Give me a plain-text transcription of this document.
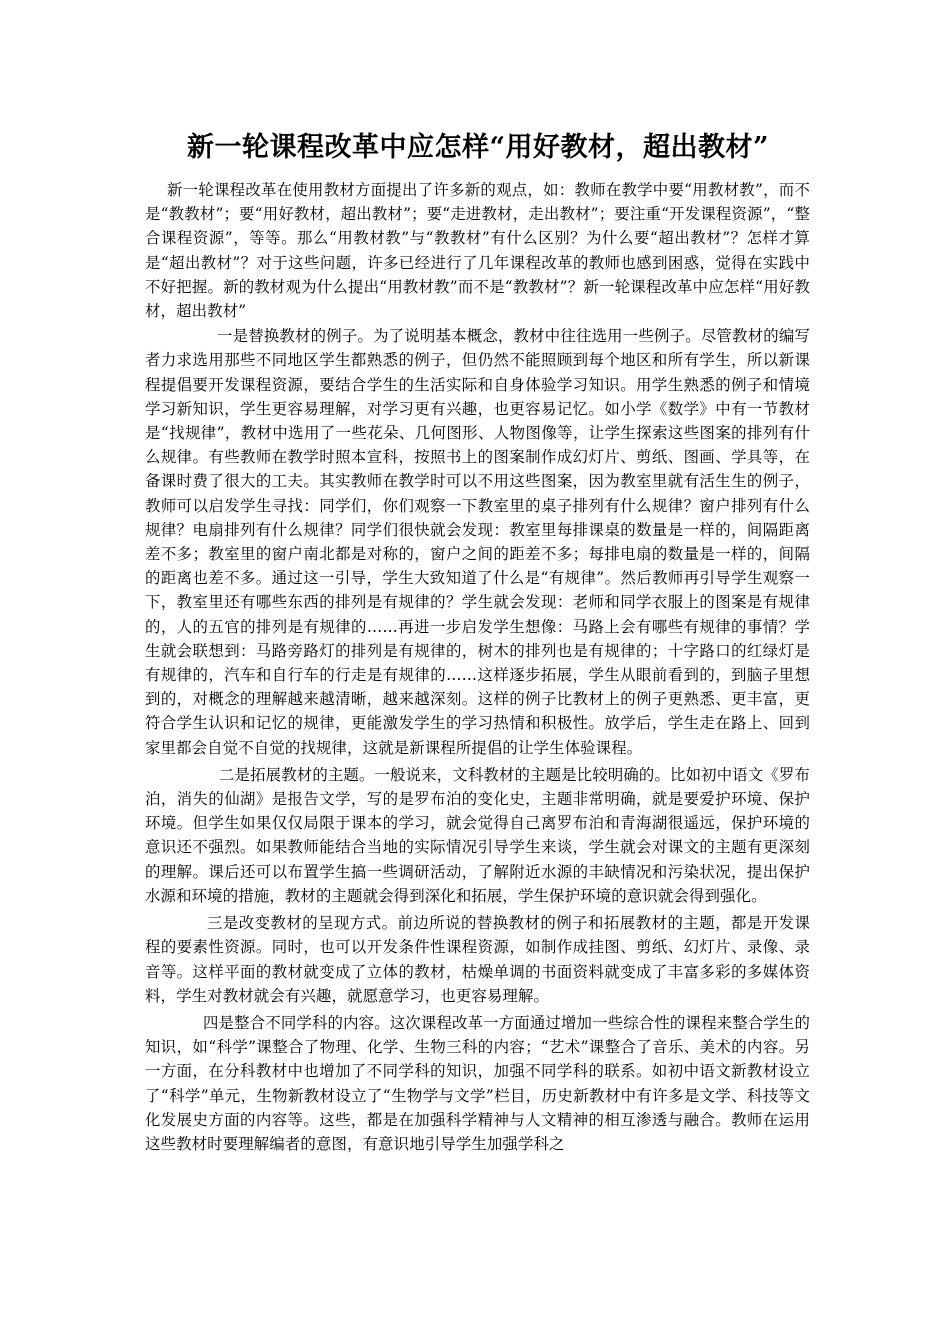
新一轮课程改革中应怎样“用好教材，超出教材”

新一轮课程改革在使用教材方面提出了许多新的观点，如：教师在教学中要“用教材教”，而不是“教教材”；要“用好教材，超出教材”；要“走进教材，走出教材”；要注重“开发课程资源”，“整合课程资源”，等等。那么“用教材教”与“教教材”有什么区别？为什么要“超出教材”？怎样才算是“超出教材”？对于这些问题，许多已经进行了几年课程改革的教师也感到困惑，觉得在实践中不好把握。新的教材观为什么提出“用教材教”而不是“教教材”？新一轮课程改革中应怎样“用好教材，超出教材”

一是替换教材的例子。为了说明基本概念，教材中往往选用一些例子。尽管教材的编写者力求选用那些不同地区学生都熟悉的例子，但仍然不能照顾到每个地区和所有学生，所以新课程提倡要开发课程资源，要结合学生的生活实际和自身体验学习知识。用学生熟悉的例子和情境学习新知识，学生更容易理解，对学习更有兴趣，也更容易记忆。如小学《数学》中有一节教材是“找规律”，教材中选用了一些花朵、几何图形、人物图像等，让学生探索这些图案的排列有什么规律。有些教师在教学时照本宣科，按照书上的图案制作成幻灯片、剪纸、图画、学具等，在备课时费了很大的工夫。其实教师在教学时可以不用这些图案，因为教室里就有活生生的例子，教师可以启发学生寻找：同学们，你们观察一下教室里的桌子排列有什么规律？窗户排列有什么规律？电扇排列有什么规律？同学们很快就会发现：教室里每排课桌的数量是一样的，间隔距离差不多；教室里的窗户南北都是对称的，窗户之间的距差不多；每排电扇的数量是一样的，间隔的距离也差不多。通过这一引导，学生大致知道了什么是“有规律”。然后教师再引导学生观察一下，教室里还有哪些东西的排列是有规律的？学生就会发现：老师和同学衣服上的图案是有规律的，人的五官的排列是有规律的……再进一步启发学生想像：马路上会有哪些有规律的事情？学生就会联想到：马路旁路灯的排列是有规律的，树木的排列也是有规律的；十字路口的红绿灯是有规律的，汽车和自行车的行走是有规律的……这样逐步拓展，学生从眼前看到的，到脑子里想到的，对概念的理解越来越清晰，越来越深刻。这样的例子比教材上的例子更熟悉、更丰富，更符合学生认识和记忆的规律，更能激发学生的学习热情和积极性。放学后，学生走在路上、回到家里都会自觉不自觉的找规律，这就是新课程所提倡的让学生体验课程。

二是拓展教材的主题。一般说来，文科教材的主题是比较明确的。比如初中语文《罗布泊，消失的仙湖》是报告文学，写的是罗布泊的变化史，主题非常明确，就是要爱护环境、保护环境。但学生如果仅仅局限于课本的学习，就会觉得自己离罗布泊和青海湖很遥远，保护环境的意识还不强烈。如果教师能结合当地的实际情况引导学生来谈，学生就会对课文的主题有更深刻的理解。课后还可以布置学生搞一些调研活动，了解附近水源的丰缺情况和污染状况，提出保护水源和环境的措施，教材的主题就会得到深化和拓展，学生保护环境的意识就会得到强化。

三是改变教材的呈现方式。前边所说的替换教材的例子和拓展教材的主题，都是开发课程的要素性资源。同时，也可以开发条件性课程资源，如制作成挂图、剪纸、幻灯片、录像、录音等。这样平面的教材就变成了立体的教材，枯燥单调的书面资料就变成了丰富多彩的多媒体资料，学生对教材就会有兴趣，就愿意学习，也更容易理解。

四是整合不同学科的内容。这次课程改革一方面通过增加一些综合性的课程来整合学生的知识，如“科学”课整合了物理、化学、生物三科的内容；“艺术”课整合了音乐、美术的内容。另一方面，在分科教材中也增加了不同学科的知识，加强不同学科的联系。如初中语文新教材设立了“科学”单元，生物新教材设立了“生物学与文学”栏目，历史新教材中有许多是文学、科技等文化发展史方面的内容等。这些，都是在加强科学精神与人文精神的相互渗透与融合。教师在运用这些教材时要理解编者的意图，有意识地引导学生加强学科之
